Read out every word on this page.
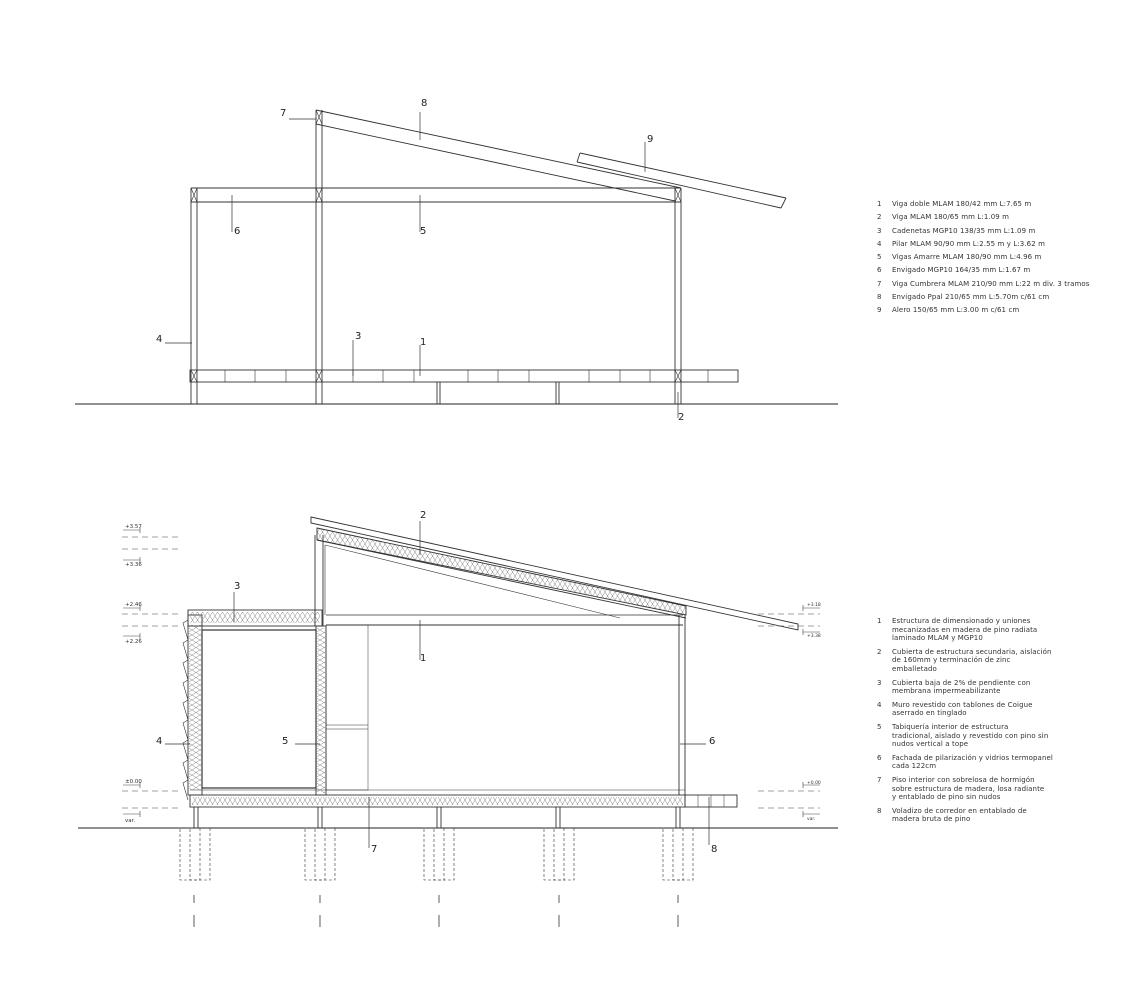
8
7
9
6	5
4	3
1
2
+3.57
+3.36
+2.46
+2.26
±0.00
var.
+3.18
+3.38
+0.00
var.
2
3
1
4	5	6
7	8
1	Viga doble MLAM 180/42 mm L:7.65 m
2	Viga MLAM 180/65 mm L:1.09 m
3	Cadenetas MGP10 138/35 mm L:1.09 m
4	Pilar MLAM 90/90 mm L:2.55 m y L:3.62 m
5	Vigas Amarre MLAM 180/90 mm L:4.96 m
6	Envigado MGP10 164/35 mm L:1.67 m
7	Viga Cumbrera MLAM 210/90 mm L:22 m div. 3 tramos
8	Envigado Ppal 210/65 mm L:5.70m c/61 cm
9	Alero 150/65 mm L:3.00 m c/61 cm
1	Estructura de dimensionado y uniones
mecanizadas en madera de pino radiata
laminado MLAM y MGP10
2	Cubierta de estructura secundaria, aislación
de 160mm y terminación de zinc emballetado
3	Cubierta baja de 2% de pendiente con
membrana impermeabilizante
4	Muro revestido con tablones de Coigue
aserrado en tinglado
5	Tabiquería interior de estructura
tradicional, aislado y revestido con pino sin
nudos vertical a tope
6	Fachada de pilarización y vidrios termopanel
cada 122cm
7	Piso interior con sobrelosa de hormigón
sobre estructura de madera, losa radiante
y entablado de pino sin nudos
8	Voladizo de corredor en entablado de
madera bruta de pino
